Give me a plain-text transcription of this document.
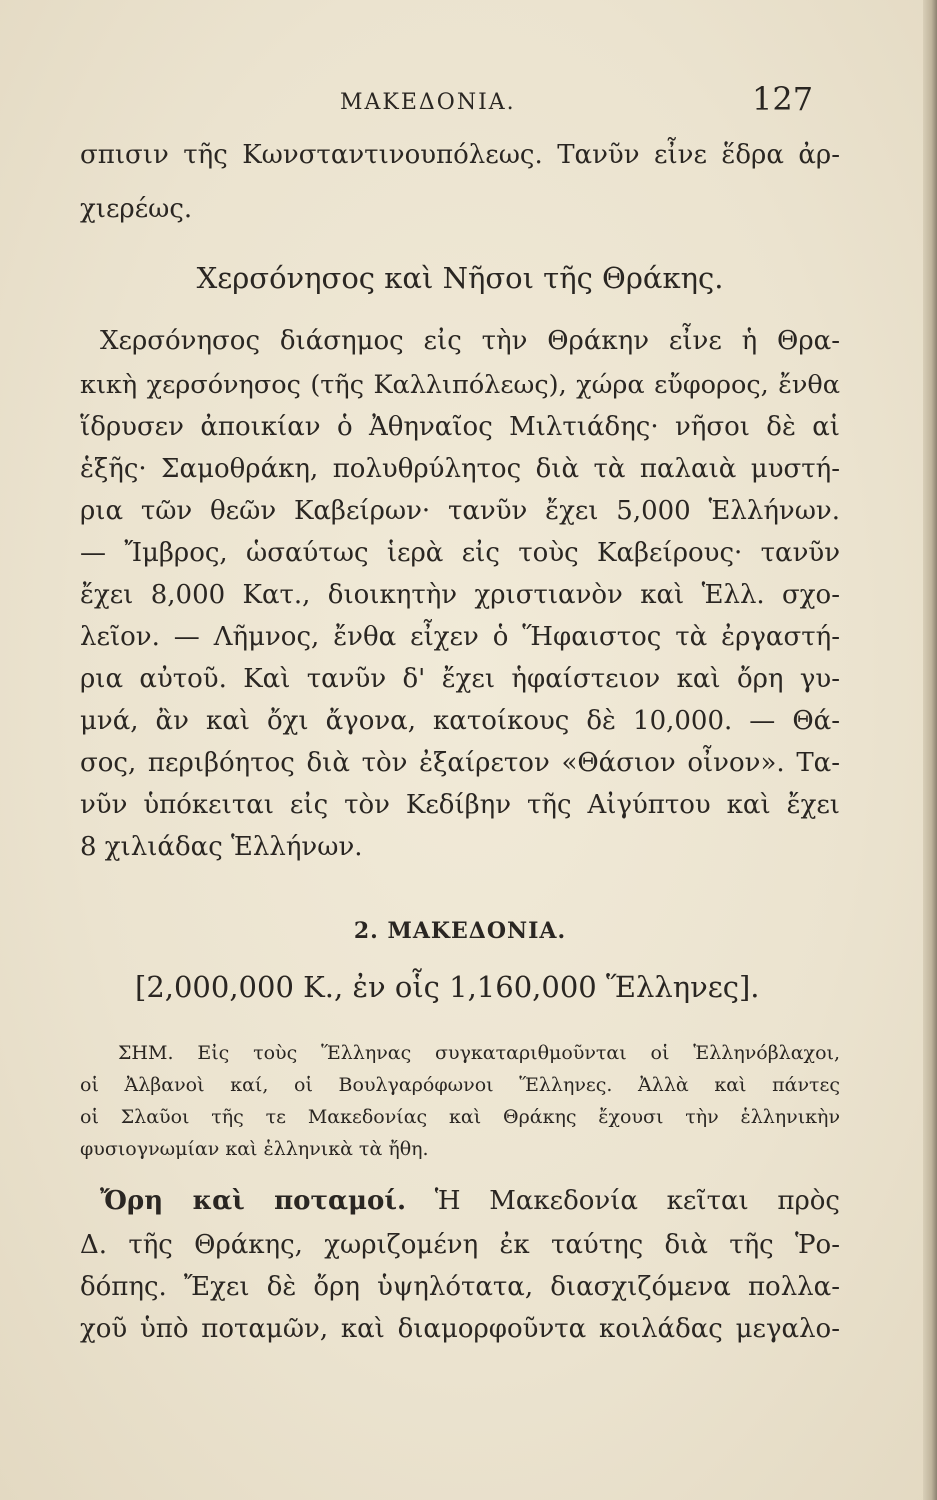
ΜΑΚΕΔΟΝΙΑ.	127
σπισιν τῆς Κωνσταντινουπόλεως. Τανῦν εἶνε ἕδρα ἀρ-
χιερέως.
Χερσόνησος καὶ Νῆσοι τῆς Θράκης.
Χερσόνησος διάσημος εἰς τὴν Θράκην εἶνε ἡ Θρα-
κικὴ χερσόνησος (τῆς Καλλιπόλεως), χώρα εὔφορος, ἔνθα
ἵδρυσεν ἀποικίαν ὁ Ἀθηναῖος Μιλτιάδης· νῆσοι δὲ αἱ
ἑξῆς· Σαμοθράκη, πολυθρύλητος διὰ τὰ παλαιὰ μυστή-
ρια τῶν θεῶν Καβείρων· τανῦν ἔχει 5,000 Ἑλλήνων.
— Ἴμβρος, ὡσαύτως ἱερὰ εἰς τοὺς Καβείρους· τανῦν
ἔχει 8,000 Κατ., διοικητὴν χριστιανὸν καὶ Ἑλλ. σχο-
λεῖον. — Λῆμνος, ἔνθα εἶχεν ὁ Ἥφαιστος τὰ ἐργαστή-
ρια αὐτοῦ. Καὶ τανῦν δ' ἔχει ἡφαίστειον καὶ ὄρη γυ-
μνά, ἂν καὶ ὄχι ἄγονα, κατοίκους δὲ 10,000. — Θά-
σος, περιβόητος διὰ τὸν ἐξαίρετον «Θάσιον οἶνον». Τα-
νῦν ὑπόκειται εἰς τὸν Κεδίβην τῆς Αἰγύπτου καὶ ἔχει
8 χιλιάδας Ἑλλήνων.
2. ΜΑΚΕΔΟΝΙΑ.
[2,000,000 Κ., ἐν οἷς 1,160,000 Ἕλληνες].
ΣΗΜ. Εἰς τοὺς Ἕλληνας συγκαταριθμοῦνται οἱ Ἑλληνόβλαχοι,
οἱ Ἀλβανοὶ καί, οἱ Βουλγαρόφωνοι Ἕλληνες. Ἀλλὰ καὶ πάντες
οἱ Σλαῦοι τῆς τε Μακεδονίας καὶ Θράκης ἔχουσι τὴν ἑλληνικὴν
φυσιογνωμίαν καὶ ἑλληνικὰ τὰ ἤθη.
Ὄρη καὶ ποταμοί. Ἡ Μακεδονία κεῖται πρὸς
Δ. τῆς Θράκης, χωριζομένη ἐκ ταύτης διὰ τῆς Ῥο-
δόπης. Ἔχει δὲ ὄρη ὑψηλότατα, διασχιζόμενα πολλα-
χοῦ ὑπὸ ποταμῶν, καὶ διαμορφοῦντα κοιλάδας μεγαλο-
